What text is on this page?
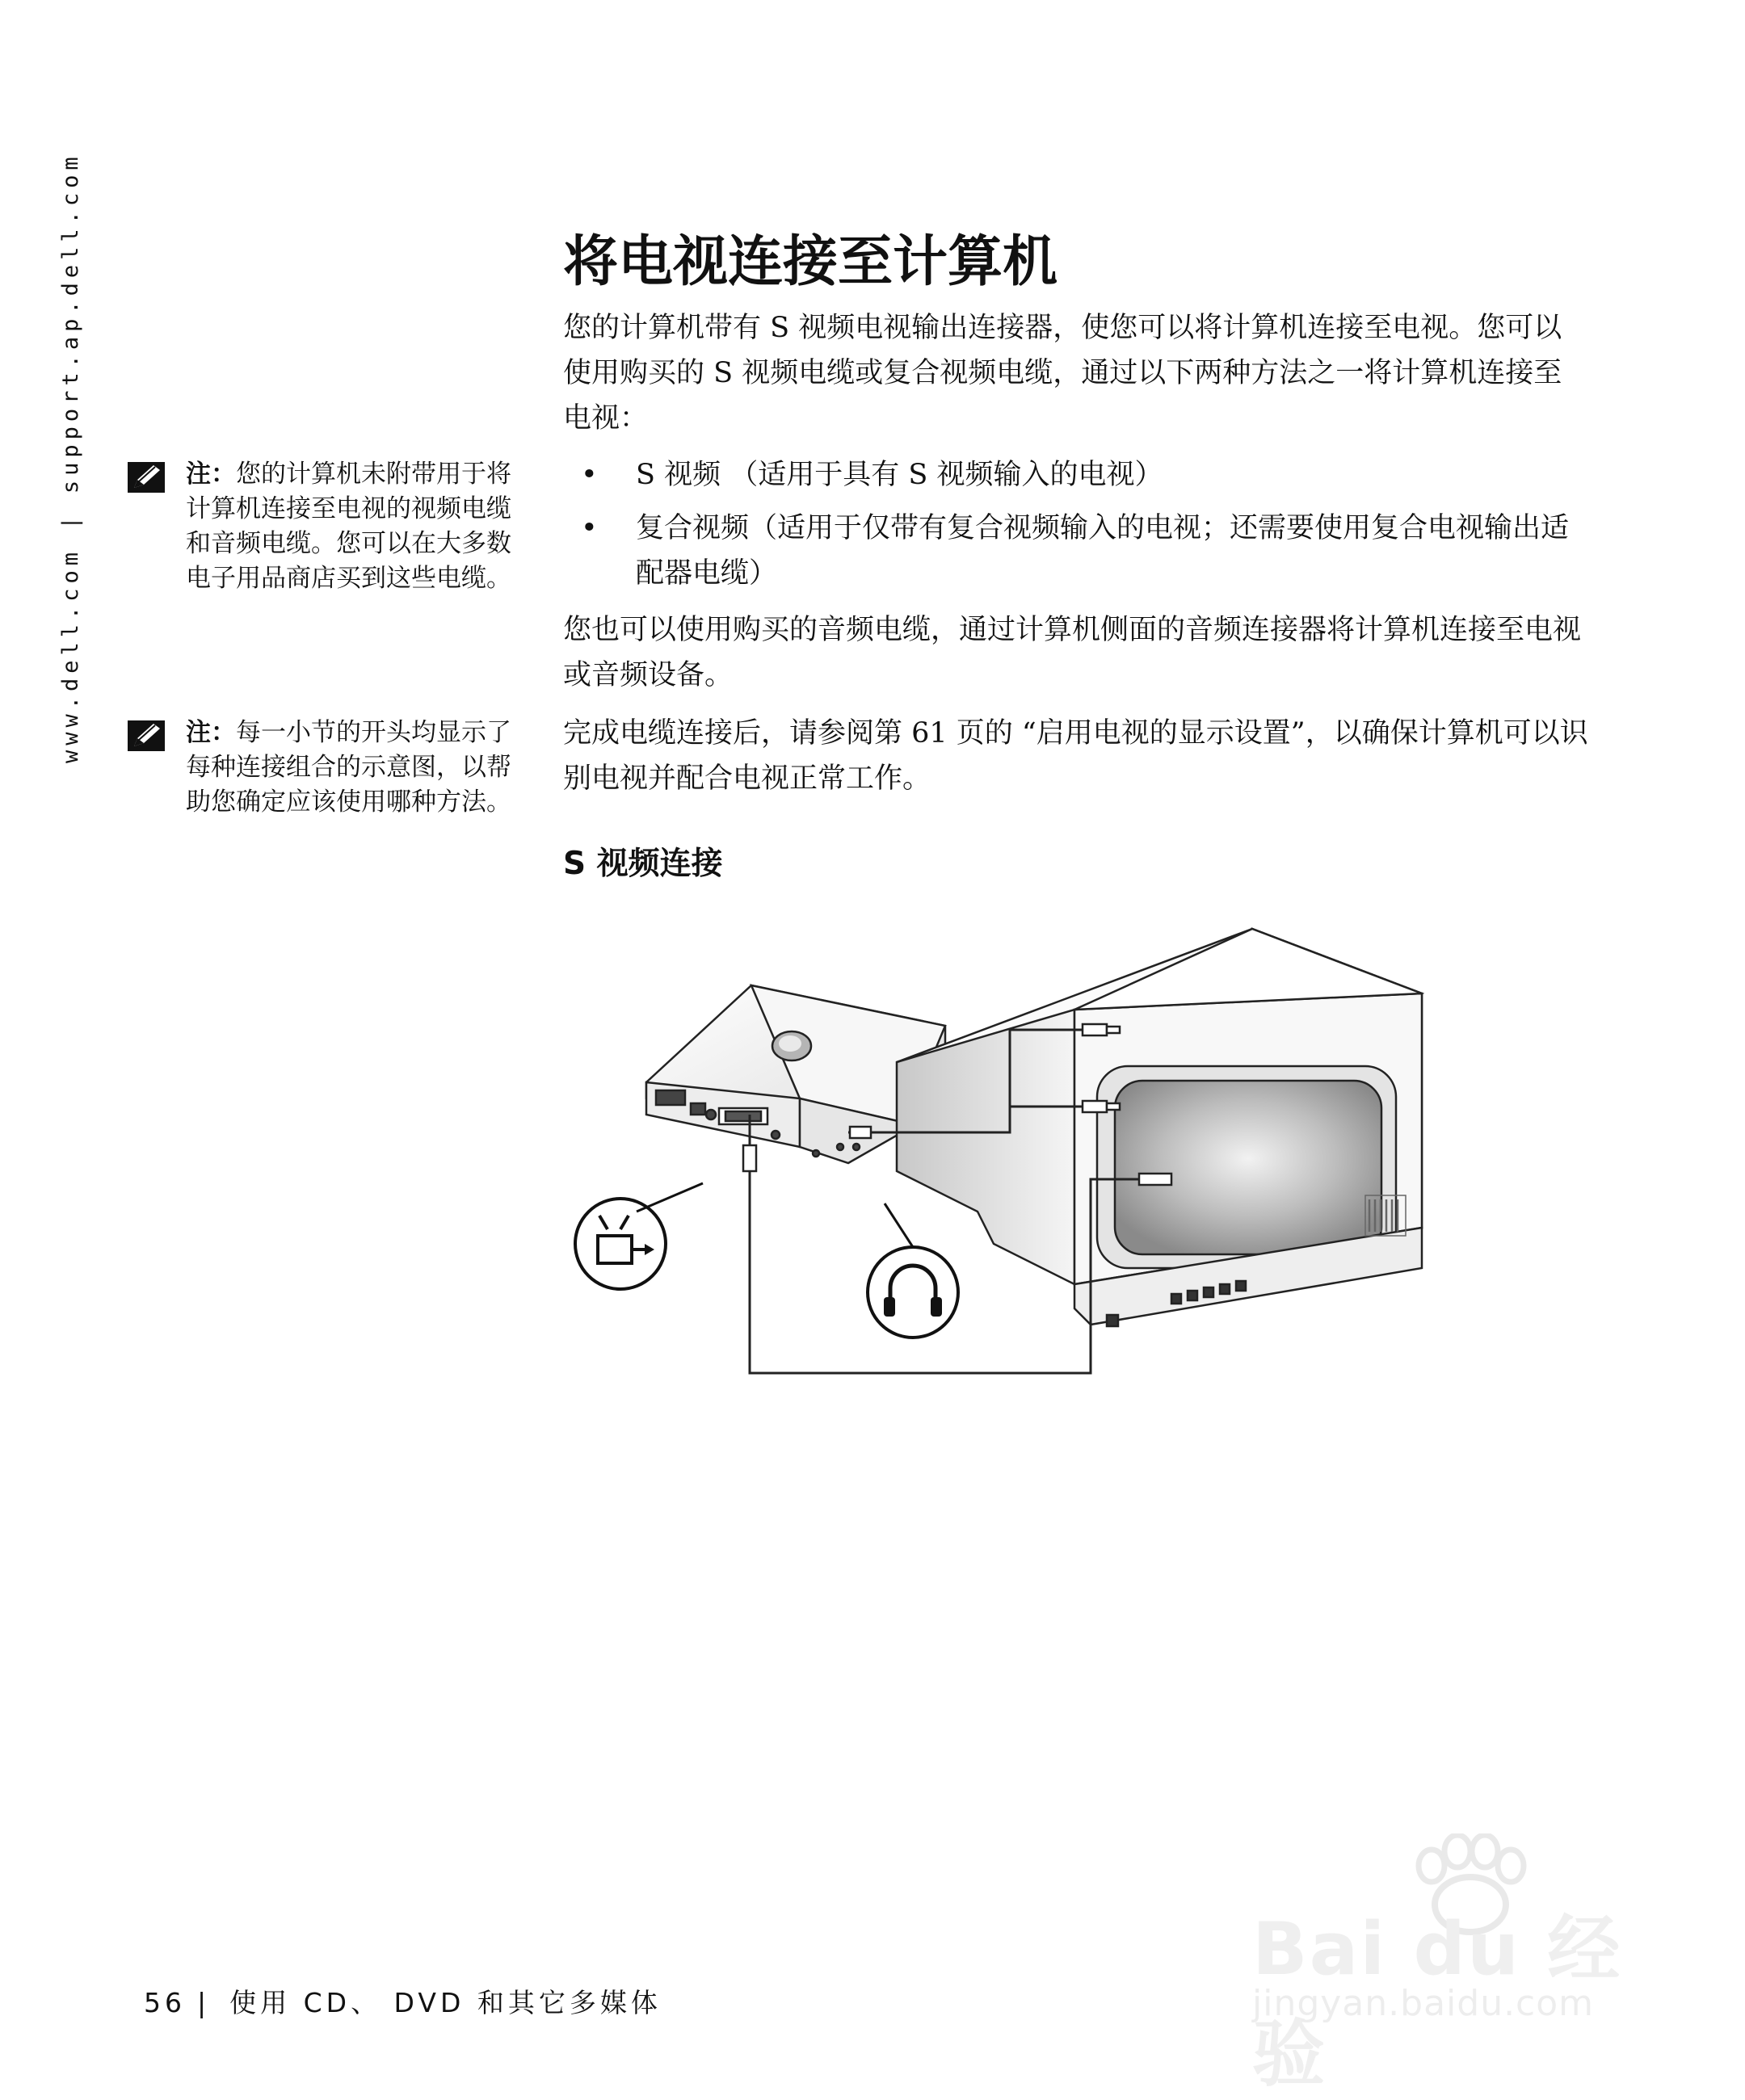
www.dell.com | support.ap.dell.com	注：您的计算机未附带用于将计算机连接至电视的视频电缆和音频电缆。您可以在大多数电子用品商店买到这些电缆。
注：每一小节的开头均显示了每种连接组合的示意图，以帮助您确定应该使用哪种方法。
将电视连接至计算机

您的计算机带有 S 视频电视输出连接器，使您可以将计算机连接至电视。您可以使用购买的 S 视频电缆或复合视频电缆，通过以下两种方法之一将计算机连接至电视：

• S 视频 （适用于具有 S 视频输入的电视）
• 复合视频（适用于仅带有复合视频输入的电视；还需要使用复合电视输出适配器电缆）

您也可以使用购买的音频电缆，通过计算机侧面的音频连接器将计算机连接至电视或音频设备。

完成电缆连接后，请参阅第 61 页的 “启用电视的显示设置”，以确保计算机可以识别电视并配合电视正常工作。

S 视频连接
56 | 使用 CD、 DVD 和其它多媒体
Bai du 经验
jingyan.baidu.com
